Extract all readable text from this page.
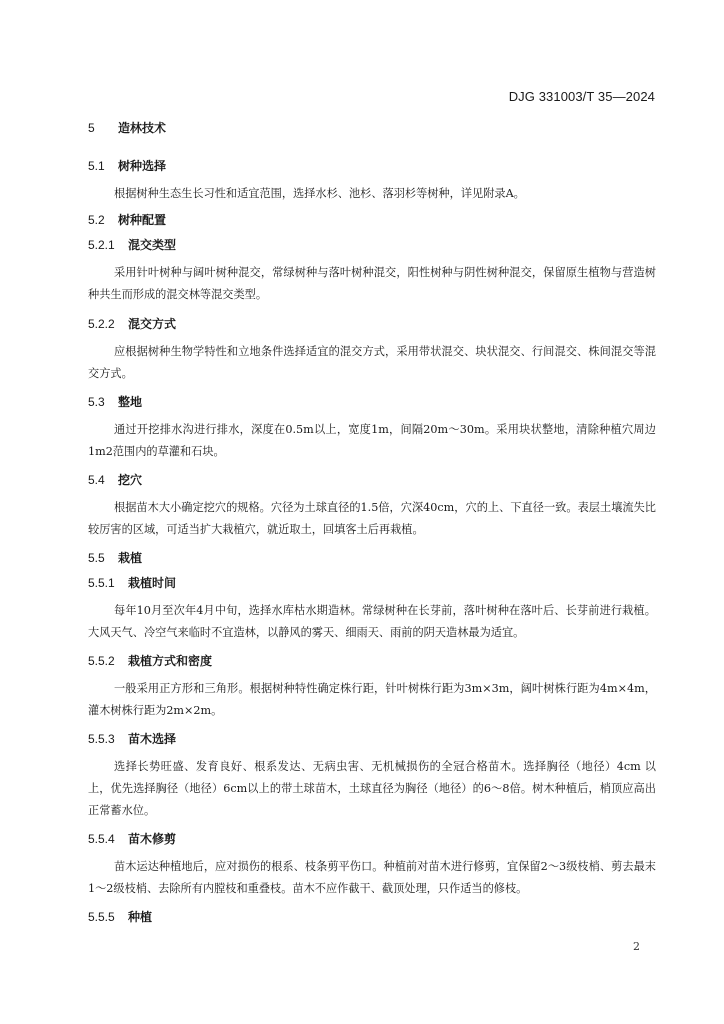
DJG 331003/T 35—2024
5 造林技术
5.1 树种选择

根据树种生态生长习性和适宜范围，选择水杉、池杉、落羽杉等树种，详见附录A。

5.2 树种配置
5.2.1 混交类型

采用针叶树种与阔叶树种混交，常绿树种与落叶树种混交，阳性树种与阴性树种混交，保留原生植物与营造树种共生而形成的混交林等混交类型。

5.2.2 混交方式

应根据树种生物学特性和立地条件选择适宜的混交方式，采用带状混交、块状混交、行间混交、株间混交等混交方式。

5.3 整地

通过开挖排水沟进行排水，深度在0.5m以上，宽度1m，间隔20m～30m。采用块状整地，清除种植穴周边1m2范围内的草灌和石块。

5.4 挖穴

根据苗木大小确定挖穴的规格。穴径为土球直径的1.5倍，穴深40cm，穴的上、下直径一致。表层土壤流失比较厉害的区域，可适当扩大栽植穴，就近取土，回填客土后再栽植。

5.5 栽植
5.5.1 栽植时间

每年10月至次年4月中旬，选择水库枯水期造林。常绿树种在长芽前，落叶树种在落叶后、长芽前进行栽植。大风天气、冷空气来临时不宜造林，以静风的雾天、细雨天、雨前的阴天造林最为适宜。

5.5.2 栽植方式和密度

一般采用正方形和三角形。根据树种特性确定株行距，针叶树株行距为3m×3m，阔叶树株行距为4m×4m，灌木树株行距为2m×2m。

5.5.3 苗木选择

选择长势旺盛、发育良好、根系发达、无病虫害、无机械损伤的全冠合格苗木。选择胸径（地径）4cm 以上，优先选择胸径（地径）6cm以上的带土球苗木，土球直径为胸径（地径）的6～8倍。树木种植后，梢顶应高出正常蓄水位。

5.5.4 苗木修剪

苗木运达种植地后，应对损伤的根系、枝条剪平伤口。种植前对苗木进行修剪，宜保留2～3级枝梢、剪去最末1～2级枝梢、去除所有内膛枝和重叠枝。苗木不应作截干、截顶处理，只作适当的修枝。

5.5.5 种植
2
